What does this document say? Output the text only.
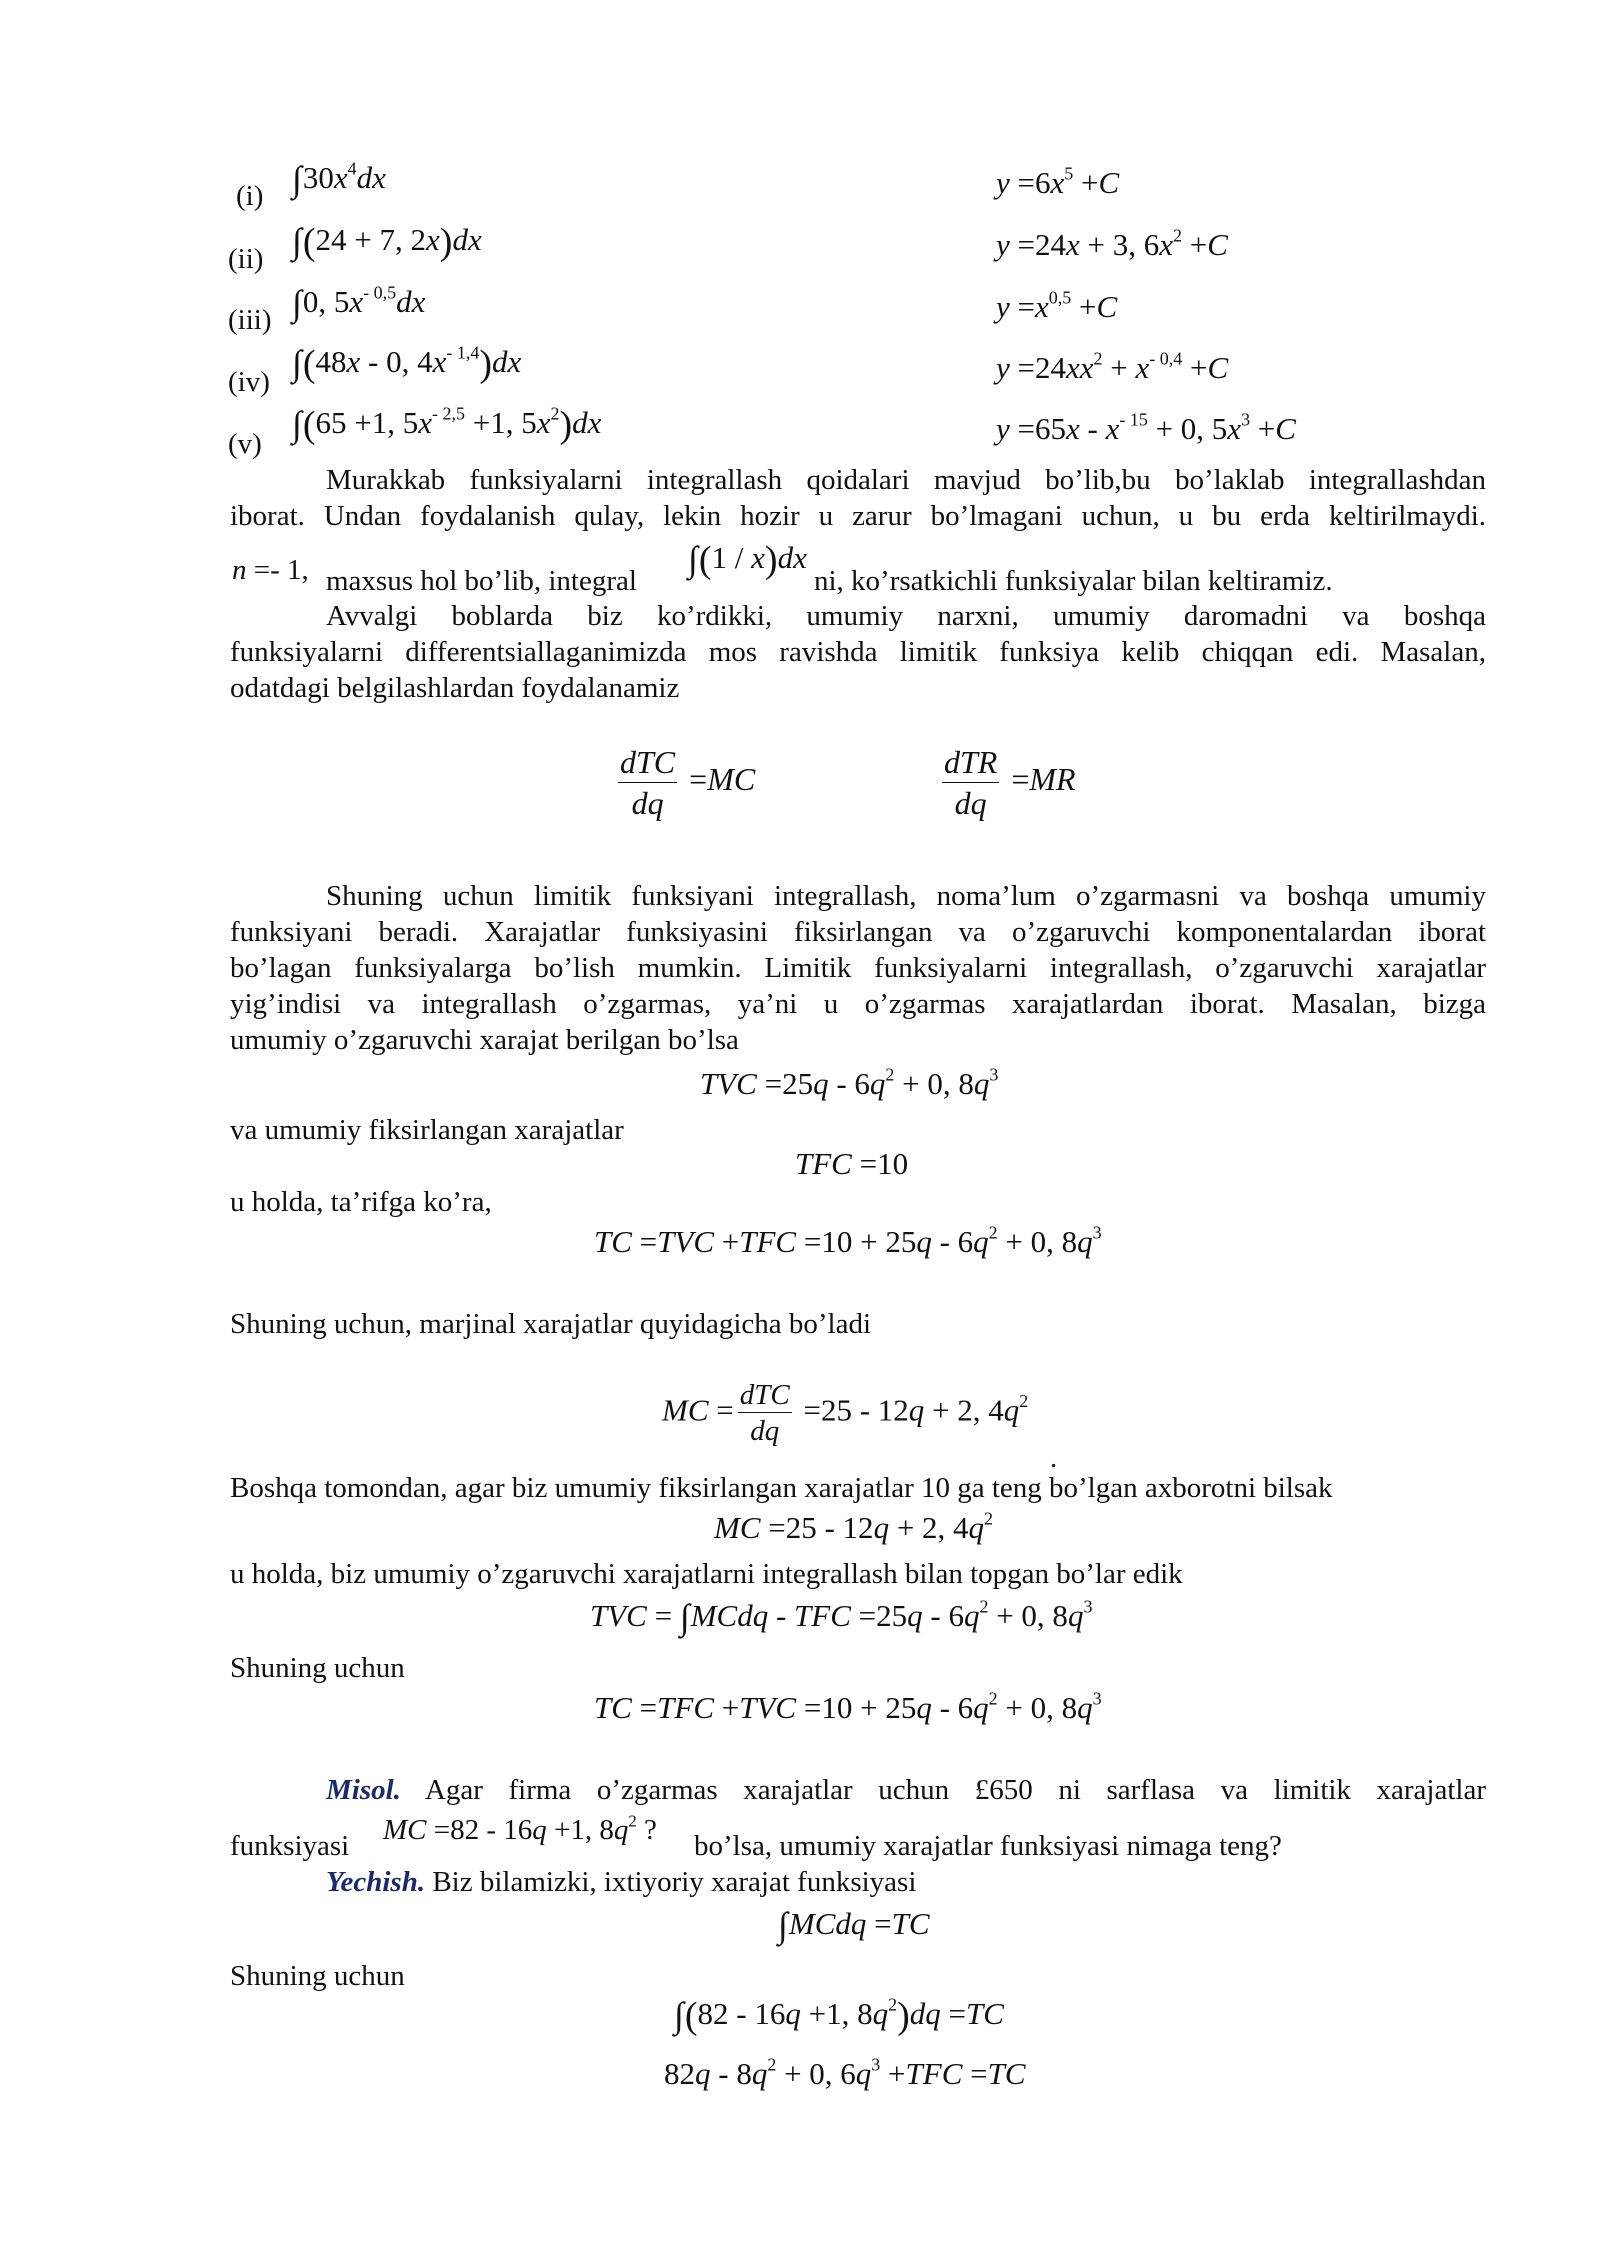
(i) $\int 30x^4dx$	$y =6x^5 +C$
(ii) ∫(24 + 7, 2x)dx	y =24x + 3, $6x^2 +C$
(iii) ∫0, $5x^{- 0,5}dx$	$y =x^{0,5} +C$
(iv) ∫(48x - 0, $4x^{- 1,4})dx$	$y =24xx^2 + x^{- 0,4} +C$
(v) ∫(65 +1, $5x^{- 2,5} +1$, $5x^2)dx$	$y =65x - x^{- 15} + 0$, $5x^3 +C$
Murakkab funksiyalarni integrallash qoidalari mavjud bo’lib,bu bo’laklab integrallashdan
iborat. Undan foydalanish qulay, lekin hozir u zarur bo’lmagani uchun, u bu erda keltirilmaydi.
n =- 1, maxsus hol bo’lib, integral
∫(1 / x)dx
ni, ko’rsatkichli funksiyalar bilan keltiramiz.
Avvalgi boblarda biz ko’rdikki, umumiy narxni, umumiy daromadni va boshqa
funksiyalarni differentsiallaganimizda mos ravishda limitik funksiya kelib chiqqan edi. Masalan,
odatdagi belgilashlardan foydalanamiz
$\frac{\text{dTC}}{dq} =MC$	$\frac{\text{dTR}}{dq} =MR$
Shuning uchun limitik funksiyani integrallash, noma’lum o’zgarmasni va boshqa umumiy
funksiyani beradi. Xarajatlar funksiyasini fiksirlangan va o’zgaruvchi komponentalardan iborat
bo’lagan funksiyalarga bo’lish mumkin. Limitik funksiyalarni integrallash, o’zgaruvchi xarajatlar
yig’indisi va integrallash o’zgarmas, ya’ni u o’zgarmas xarajatlardan iborat. Masalan, bizga
umumiy o’zgaruvchi xarajat berilgan bo’lsa
TVC $=25q - 6q^2 + 0$, $8q^3$
va umumiy fiksirlangan xarajatlar
TFC =10
u holda, ta’rifga ko’ra,
TC $=TVC +TFC =10 + 25q - 6q^2 + 0$, $8q^3$
Shuning uchun, marjinal xarajatlar quyidagicha bo’ladi
MC = $\frac{\text{dTC}}{dq} =25 - 12q + 2$, $4q^2$
.
Boshqa tomondan, agar biz umumiy fiksirlangan xarajatlar 10 ga teng bo’lgan axborotni bilsak
MC =25 - 12q + 2, $4q^2$
u holda, biz umumiy o’zgaruvchi xarajatlarni integrallash bilan topgan bo’lar edik
TVC = ∫MCdq - TFC $=25q - 6q^2 + 0$, $8q^3$
Shuning uchun
TC $=TFC +TVC =10 + 25q - 6q^2 + 0$, $8q^3$
Misol. Agar firma o’zgarmas xarajatlar uchun £650 ni sarflasa va limitik xarajatlar
funksiyasi MC =82 - 16q +1, $8q^2$ ? bo’lsa, umumiy xarajatlar funksiyasi nimaga teng?
Yechish. Biz bilamizki, ixtiyoriy xarajat funksiyasi
∫MCdq =TC
Shuning uchun
∫(82 - 16q +1, $8q^2)dq =TC$
$82q - 8q^2 + 0$, $6q^3 +TFC =TC$
